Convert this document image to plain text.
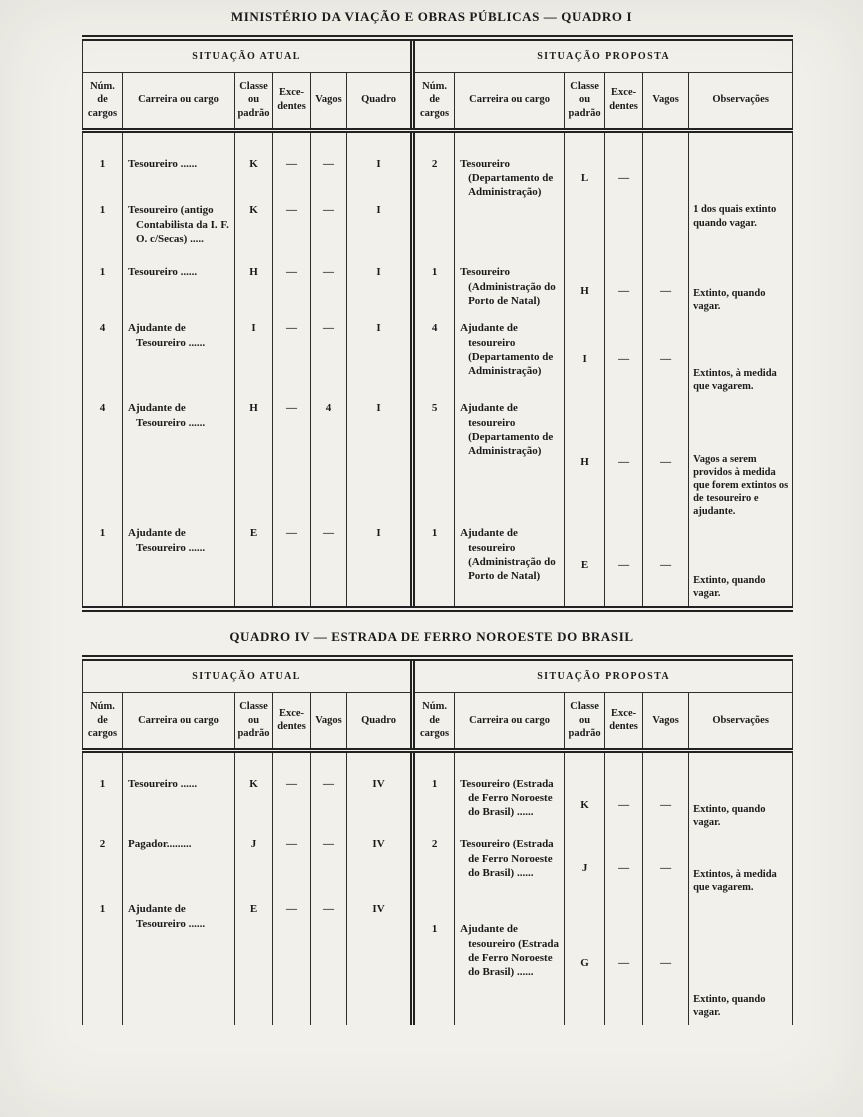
MINISTÉRIO DA VIAÇÃO E OBRAS PÚBLICAS — QUADRO I
SITUAÇÃO ATUAL						SITUAÇÃO PROPOSTA					
Núm.
de
cargos	Carreira ou cargo	Classe
ou
padrão	Exce-
dentes	Vagos	Quadro	Núm.
de
cargos	Carreira ou cargo	Classe
ou
padrão	Exce-
dentes	Vagos	Observações
1	Tesoureiro ......	K	—	—	I	2	Tesoureiro (Departamento de Administração)	L	—		
1	Tesoureiro (antigo Contabilista da I. F. O. c/Secas) .....	K	—	—	I						1 dos quais extinto quando vagar.
1	Tesoureiro ......	H	—	—	I	1	Tesoureiro (Administração do Porto de Natal)	H	—	—	Extinto, quando vagar.
4	Ajudante de Tesoureiro ......	I	—	—	I	4	Ajudante de tesoureiro (Departamento de Administração)	I	—	—	Extintos, à medida que vagarem.
4	Ajudante de Tesoureiro ......	H	—	4	I	5	Ajudante de tesoureiro (Departamento de Administração)	H	—	—	Vagos a serem providos à medida que forem extintos os de tesoureiro e ajudante.
1	Ajudante de Tesoureiro ......	E	—	—	I	1	Ajudante de tesoureiro (Administração do Porto de Natal)	E	—	—	Extinto, quando vagar.
QUADRO IV — ESTRADA DE FERRO NOROESTE DO BRASIL
SITUAÇÃO ATUAL						SITUAÇÃO PROPOSTA					
Núm.
de
cargos	Carreira ou cargo	Classe
ou
padrão	Exce-
dentes	Vagos	Quadro	Núm.
de
cargos	Carreira ou cargo	Classe
ou
padrão	Exce-
dentes	Vagos	Observações
1	Tesoureiro ......	K	—	—	IV	1	Tesoureiro (Estrada de Ferro Noroeste do Brasil) ......	K	—	—	Extinto, quando vagar.
2	Pagador.........	J	—	—	IV	2	Tesoureiro (Estrada de Ferro Noroeste do Brasil) ......	J	—	—	Extintos, à medida que vagarem.
1	Ajudante de Tesoureiro ......	E	—	—	IV	1	Ajudante de tesoureiro (Estrada de Ferro Noroeste do Brasil) ......	G	—	—	Extinto, quando vagar.
